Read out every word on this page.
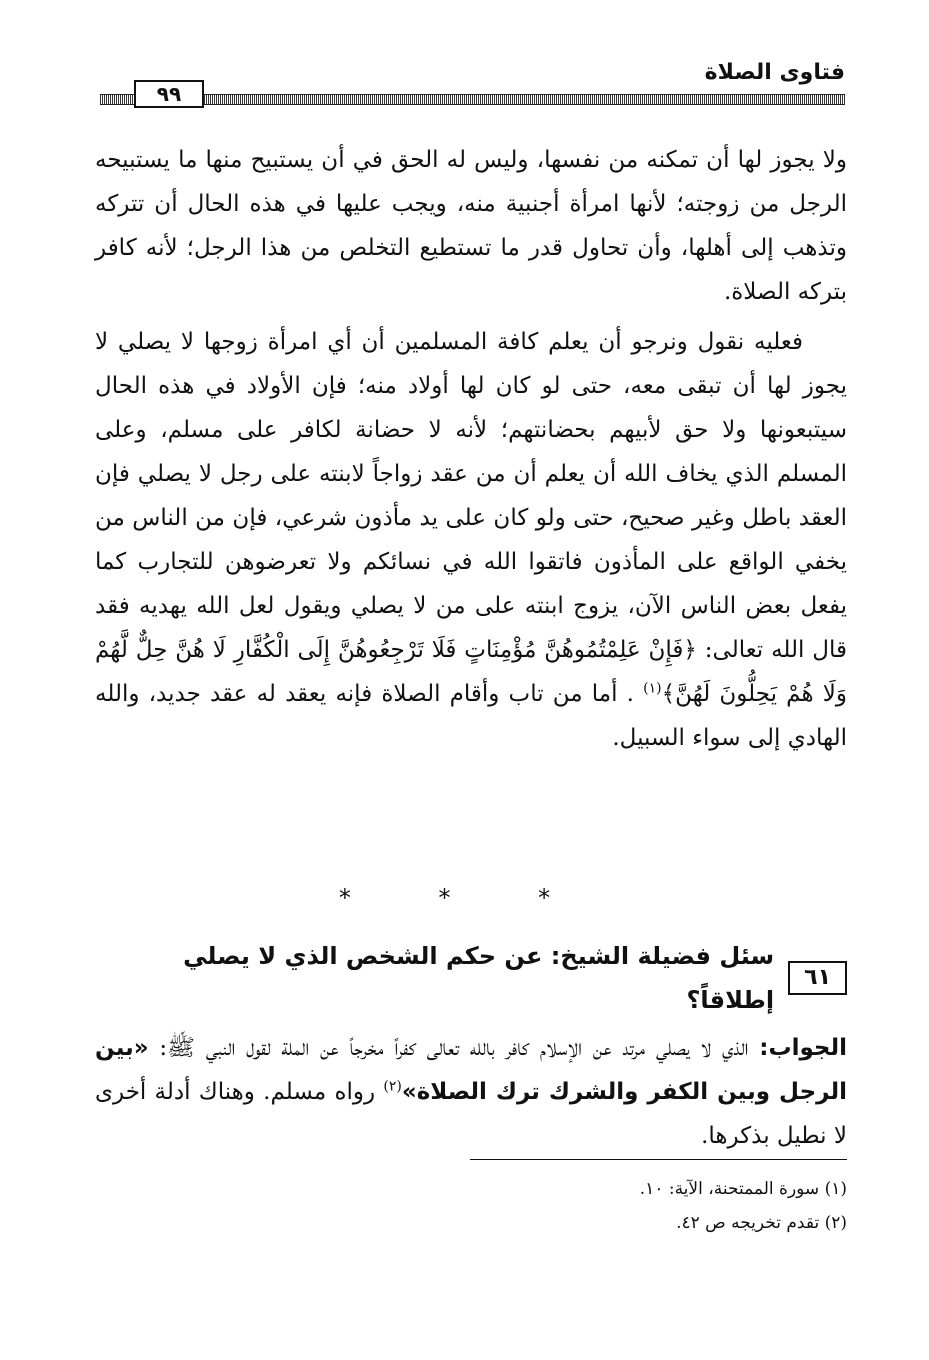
فتاوى الصلاة
٩٩

ولا يجوز لها أن تمكنه من نفسها، وليس له الحق في أن يستبيح منها ما يستبيحه الرجل من زوجته؛ لأنها امرأة أجنبية منه، ويجب عليها في هذه الحال أن تتركه وتذهب إلى أهلها، وأن تحاول قدر ما تستطيع التخلص من هذا الرجل؛ لأنه كافر بتركه الصلاة.

فعليه نقول ونرجو أن يعلم كافة المسلمين أن أي امرأة زوجها لا يصلي لا يجوز لها أن تبقى معه، حتى لو كان لها أولاد منه؛ فإن الأولاد في هذه الحال سيتبعونها ولا حق لأبيهم بحضانتهم؛ لأنه لا حضانة لكافر على مسلم، وعلى المسلم الذي يخاف الله أن يعلم أن من عقد زواجاً لابنته على رجل لا يصلي فإن العقد باطل وغير صحيح، حتى ولو كان على يد مأذون شرعي، فإن من الناس من يخفي الواقع على المأذون فاتقوا الله في نسائكم ولا تعرضوهن للتجارب كما يفعل بعض الناس الآن، يزوج ابنته على من لا يصلي ويقول لعل الله يهديه فقد قال الله تعالى: ﴿فَإِنْ عَلِمْتُمُوهُنَّ مُؤْمِنَاتٍ فَلَا تَرْجِعُوهُنَّ إِلَى الْكُفَّارِ لَا هُنَّ حِلٌّ لَّهُمْ وَلَا هُمْ يَحِلُّونَ لَهُنَّ﴾$^{(١)}$ . أما من تاب وأقام الصلاة فإنه يعقد له عقد جديد، والله الهادي إلى سواء السبيل.

* * *
٦١
سئل فضيلة الشيخ: عن حكم الشخص الذي لا يصلي إطلاقاً؟

الجواب: الذي لا يصلي مرتد عن الإسلام كافر بالله تعالى كفراً مخرجاً عن الملة لقول النبي ﷺ: «بين الرجل وبين الكفر والشرك ترك الصلاة»$^{(٢)}$ رواه مسلم. وهناك أدلة أخرى لا نطيل بذكرها.

(١) سورة الممتحنة، الآية: ١٠.
(٢) تقدم تخريجه ص ٤٢.
